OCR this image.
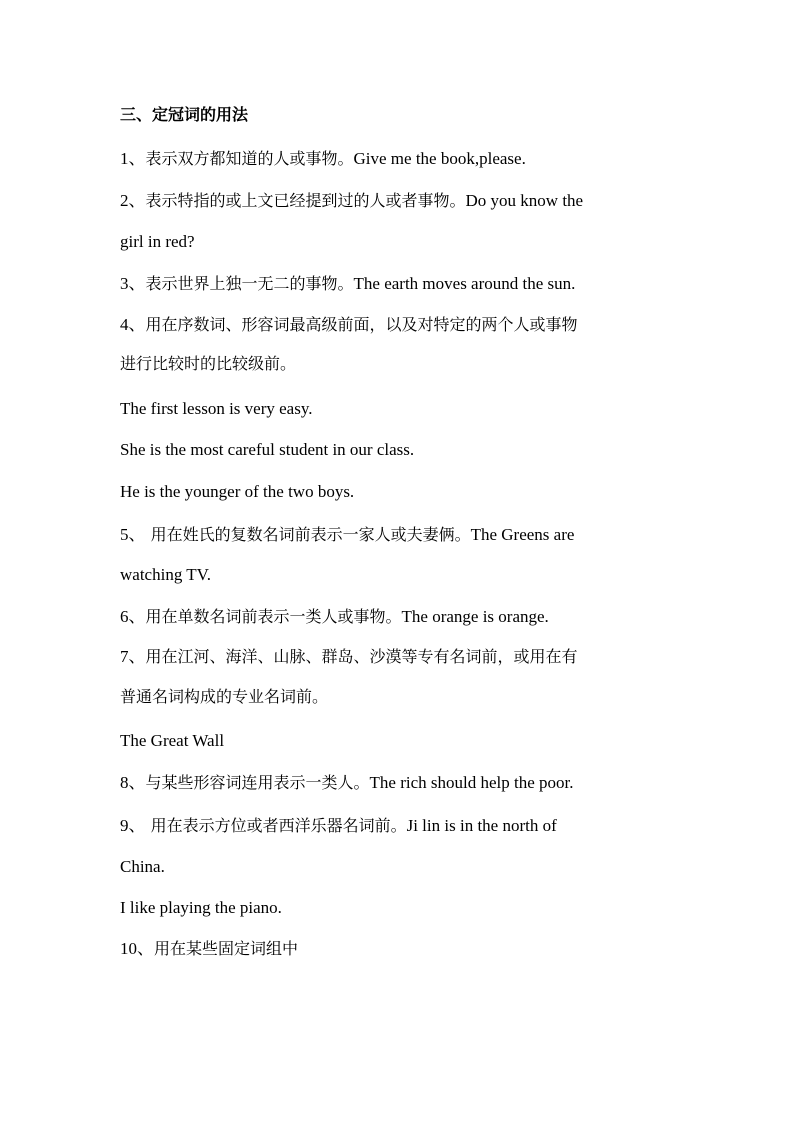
三、定冠词的用法
1、表示双方都知道的人或事物。Give me the book,please.
2、表示特指的或上文已经提到过的人或者事物。Do you know the
girl in red?
3、表示世界上独一无二的事物。The earth moves around the sun.
4、用在序数词、形容词最高级前面，以及对特定的两个人或事物
进行比较时的比较级前。
The first lesson is very easy.
She is the most careful student in our class.
He is the younger of the two boys.
5、 用在姓氏的复数名词前表示一家人或夫妻俩。The Greens are
watching TV.
6、用在单数名词前表示一类人或事物。The orange is orange.
7、用在江河、海洋、山脉、群岛、沙漠等专有名词前，或用在有
普通名词构成的专业名词前。
The Great Wall
8、与某些形容词连用表示一类人。The rich should help the poor.
9、 用在表示方位或者西洋乐器名词前。Ji lin is in the north of
China.
I like playing the piano.
10、用在某些固定词组中
